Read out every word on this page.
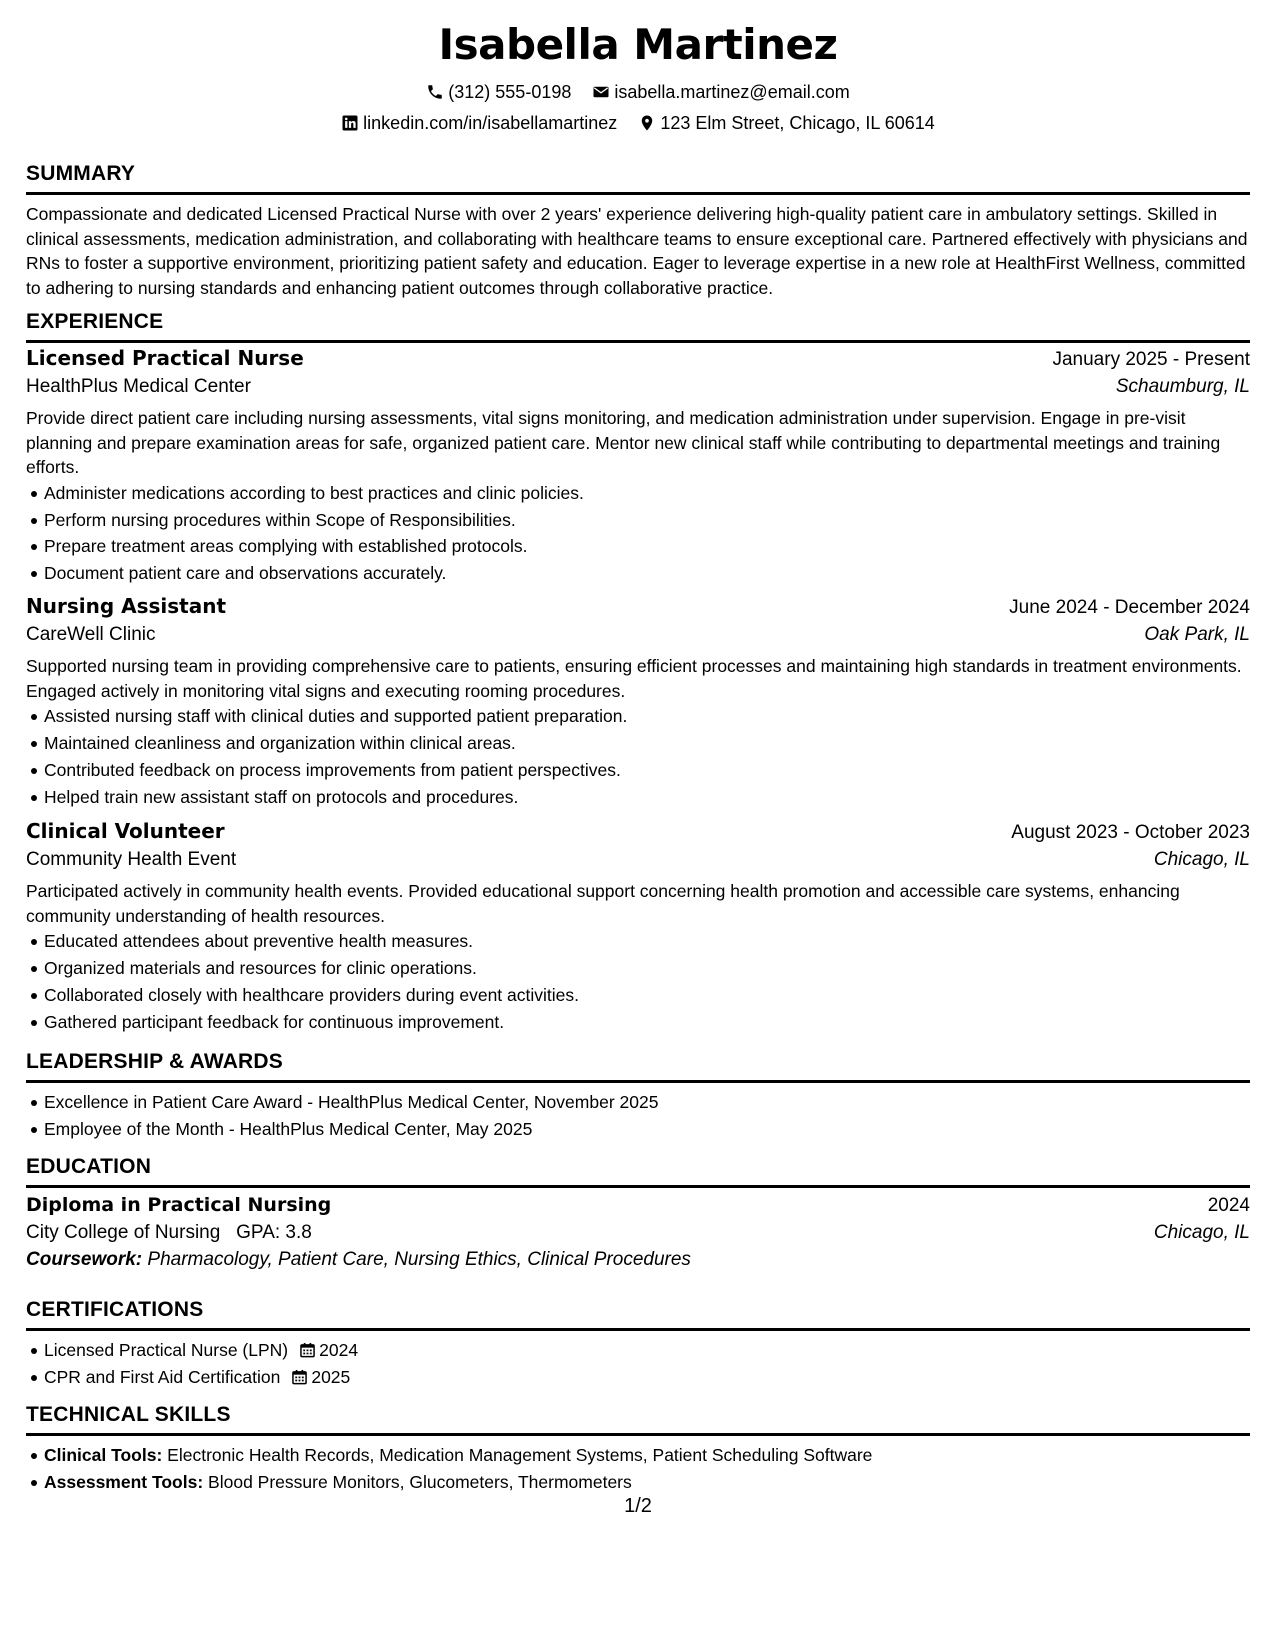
Isabella Martinez
(312) 555-0198
isabella.martinez@email.com
linkedin.com/in/isabellamartinez
123 Elm Street, Chicago, IL 60614
SUMMARY
Compassionate and dedicated Licensed Practical Nurse with over 2 years' experience delivering high-quality patient care in ambulatory settings. Skilled in clinical assessments, medication administration, and collaborating with healthcare teams to ensure exceptional care. Partnered effectively with physicians and RNs to foster a supportive environment, prioritizing patient safety and education. Eager to leverage expertise in a new role at HealthFirst Wellness, committed to adhering to nursing standards and enhancing patient outcomes through collaborative practice.
EXPERIENCE
Licensed Practical Nurse	January 2025 - Present
HealthPlus Medical Center	Schaumburg, IL
Provide direct patient care including nursing assessments, vital signs monitoring, and medication administration under supervision. Engage in pre-visit planning and prepare examination areas for safe, organized patient care. Mentor new clinical staff while contributing to departmental meetings and training efforts.
Administer medications according to best practices and clinic policies.
Perform nursing procedures within Scope of Responsibilities.
Prepare treatment areas complying with established protocols.
Document patient care and observations accurately.
Nursing Assistant	June 2024 - December 2024
CareWell Clinic	Oak Park, IL
Supported nursing team in providing comprehensive care to patients, ensuring efficient processes and maintaining high standards in treatment environments. Engaged actively in monitoring vital signs and executing rooming procedures.
Assisted nursing staff with clinical duties and supported patient preparation.
Maintained cleanliness and organization within clinical areas.
Contributed feedback on process improvements from patient perspectives.
Helped train new assistant staff on protocols and procedures.
Clinical Volunteer	August 2023 - October 2023
Community Health Event	Chicago, IL
Participated actively in community health events. Provided educational support concerning health promotion and accessible care systems, enhancing community understanding of health resources.
Educated attendees about preventive health measures.
Organized materials and resources for clinic operations.
Collaborated closely with healthcare providers during event activities.
Gathered participant feedback for continuous improvement.
LEADERSHIP & AWARDS
Excellence in Patient Care Award - HealthPlus Medical Center, November 2025
Employee of the Month - HealthPlus Medical Center, May 2025
EDUCATION
Diploma in Practical Nursing	2024
City College of Nursing GPA: 3.8	Chicago, IL
Coursework: Pharmacology, Patient Care, Nursing Ethics, Clinical Procedures
CERTIFICATIONS
Licensed Practical Nurse (LPN) 2024
CPR and First Aid Certification 2025
TECHNICAL SKILLS
Clinical Tools: Electronic Health Records, Medication Management Systems, Patient Scheduling Software
Assessment Tools: Blood Pressure Monitors, Glucometers, Thermometers
1/2
